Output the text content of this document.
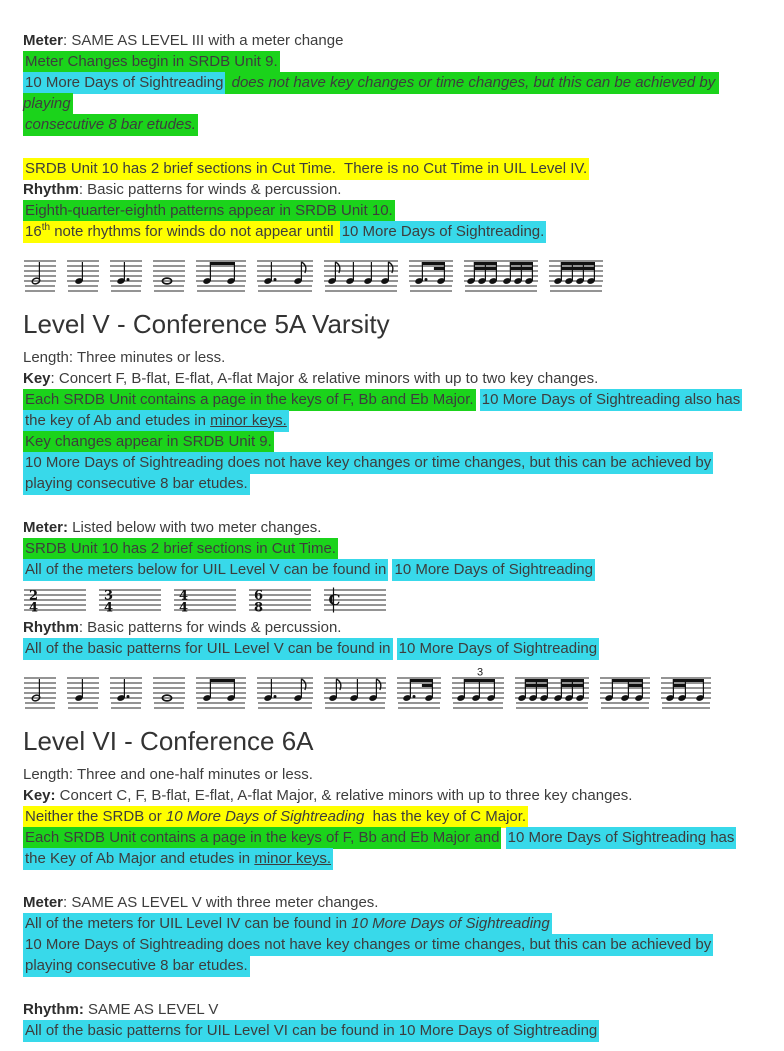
Meter: SAME AS LEVEL III with a meter change
Meter Changes begin in SRDB Unit 9.
10 More Days of Sightreading does not have key changes or time changes, but this can be achieved by playing
consecutive 8 bar etudes.
SRDB Unit 10 has 2 brief sections in Cut Time.  There is no Cut Time in UIL Level IV.
Rhythm: Basic patterns for winds & percussion.
Eighth-quarter-eighth patterns appear in SRDB Unit 10.
16th note rhythms for winds do not appear until 10 More Days of Sightreading.
Level V - Conference 5A Varsity
Length: Three minutes or less.
Key: Concert F, B-flat, E-flat, A-flat Major & relative minors with up to two key changes.
Each SRDB Unit contains a page in the keys of F, Bb and Eb Major. 10 More Days of Sightreading also has
the key of Ab and etudes in minor keys.
Key changes appear in SRDB Unit 9.
10 More Days of Sightreading does not have key changes or time changes, but this can be achieved by
playing consecutive 8 bar etudes.
Meter: Listed below with two meter changes.
SRDB Unit 10 has 2 brief sections in Cut Time.
All of the meters below for UIL Level V can be found in 10 More Days of Sightreading
2
4
3
4
4
4
6
8	C
Rhythm: Basic patterns for winds & percussion.
All of the basic patterns for UIL Level V can be found in 10 More Days of Sightreading
3
Level VI - Conference 6A
Length: Three and one-half minutes or less.
Key: Concert C, F, B-flat, E-flat, A-flat Major, & relative minors with up to three key changes.
Neither the SRDB or 10 More Days of Sightreading  has the key of C Major.
Each SRDB Unit contains a page in the keys of F, Bb and Eb Major and 10 More Days of Sightreading has
the Key of Ab Major and etudes in minor keys.
Meter: SAME AS LEVEL V with three meter changes.
All of the meters for UIL Level IV can be found in 10 More Days of Sightreading
10 More Days of Sightreading does not have key changes or time changes, but this can be achieved by
playing consecutive 8 bar etudes.
Rhythm: SAME AS LEVEL V
All of the basic patterns for UIL Level VI can be found in 10 More Days of Sightreading
